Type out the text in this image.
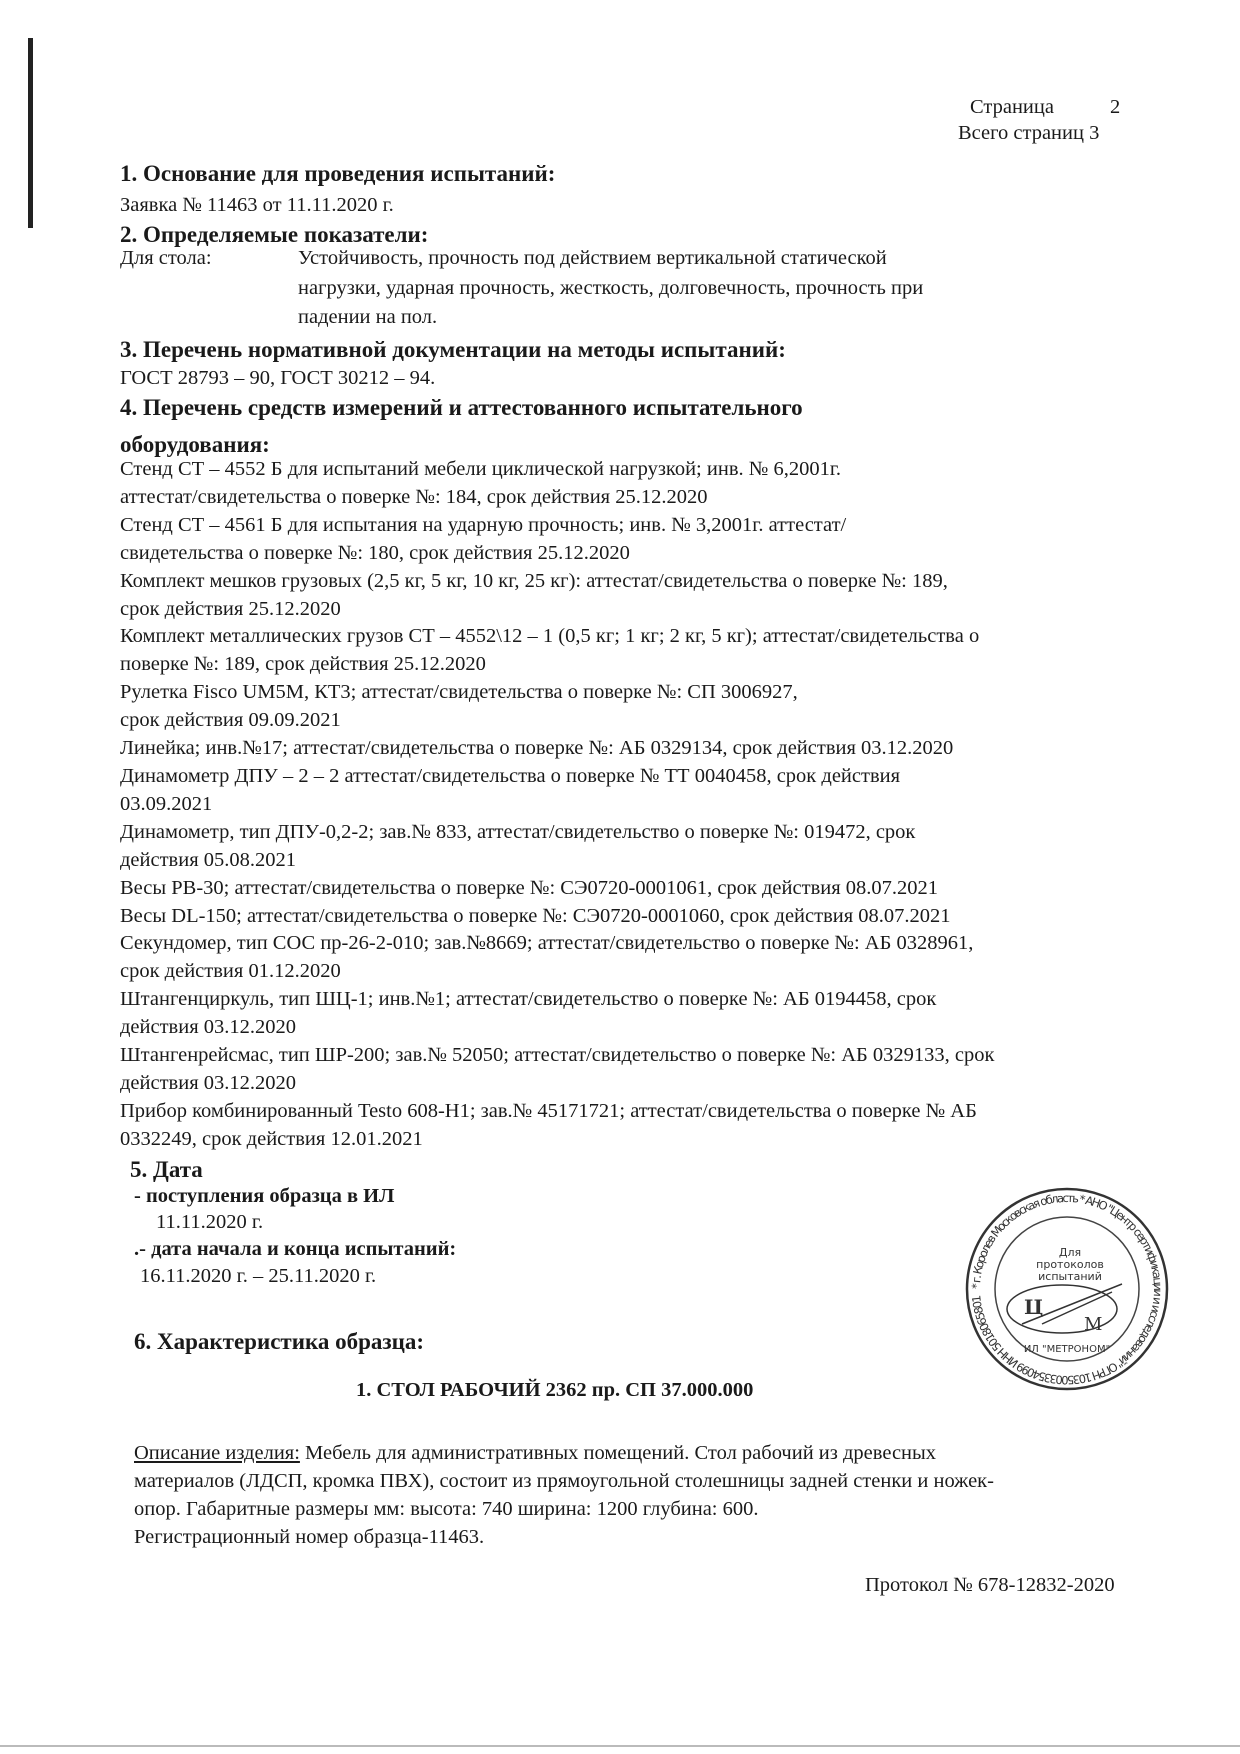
Страница	2
Всего страниц 3
1. Основание для проведения испытаний:
Заявка № 11463 от 11.11.2020 г.
2. Определяемые показатели:
Для стола:	Устойчивость, прочность под действием вертикальной статической
нагрузки, ударная прочность, жесткость, долговечность, прочность при
падении на пол.
3. Перечень нормативной документации на методы испытаний:
ГОСТ 28793 – 90, ГОСТ 30212 – 94.
4. Перечень средств измерений и аттестованного испытательного
оборудования:
Стенд СТ – 4552 Б для испытаний мебели циклической нагрузкой; инв. № 6,2001г.
аттестат/свидетельства о поверке №: 184, срок действия 25.12.2020
Стенд СТ – 4561 Б для испытания на ударную прочность; инв. № 3,2001г. аттестат/
свидетельства о поверке №: 180, срок действия 25.12.2020
Комплект мешков грузовых (2,5 кг, 5 кг, 10 кг, 25 кг): аттестат/свидетельства о поверке №: 189,
срок действия 25.12.2020
Комплект металлических грузов СТ – 4552\12 – 1 (0,5 кг; 1 кг; 2 кг, 5 кг); аттестат/свидетельства о
поверке №: 189, срок действия 25.12.2020
Рулетка Fisco UM5M, КТ3; аттестат/свидетельства о поверке №: СП 3006927,
срок действия 09.09.2021
Линейка; инв.№17; аттестат/свидетельства о поверке №: АБ 0329134, срок действия 03.12.2020
Динамометр ДПУ – 2 – 2 аттестат/свидетельства о поверке № ТТ 0040458, срок действия
03.09.2021
Динамометр, тип ДПУ-0,2-2; зав.№ 833, аттестат/свидетельство о поверке №: 019472, срок
действия 05.08.2021
Весы РВ-30; аттестат/свидетельства о поверке №: СЭ0720-0001061, срок действия 08.07.2021
Весы DL-150; аттестат/свидетельства о поверке №: СЭ0720-0001060, срок действия 08.07.2021
Секундомер, тип СОС пр-26-2-010; зав.№8669; аттестат/свидетельство о поверке №: АБ 0328961,
срок действия 01.12.2020
Штангенциркуль, тип ШЦ-1; инв.№1; аттестат/свидетельство о поверке №: АБ 0194458, срок
действия 03.12.2020
Штангенрейсмас, тип ШР-200; зав.№ 52050; аттестат/свидетельство о поверке №: АБ 0329133, срок
действия 03.12.2020
Прибор комбинированный Testo 608-H1; зав.№ 45171721; аттестат/свидетельства о поверке № АБ
0332249, срок действия 12.01.2021
5. Дата
- поступления образца в ИЛ
11.11.2020 г.
.- дата начала и конца испытаний:
16.11.2020 г. – 25.11.2020 г.
6. Характеристика образца:
1. СТОЛ РАБОЧИЙ 2362 пр. СП 37.000.000
Описание изделия: Мебель для административных помещений. Стол рабочий из древесных
материалов (ЛДСП, кромка ПВХ), состоит из прямоугольной столешницы задней стенки и ножек-
опор. Габаритные размеры мм: высота: 740 ширина: 1200 глубина: 600.
Регистрационный номер образца-11463.
Протокол № 678-12832-2020
* г. Королев Московская область * АНО "Центр сертификации и исследований" ОГРН 1035003354099 ИНН 5018065801
Для
протоколов
испытаний
Ц
М
ИЛ "МЕТРОНОМ"
